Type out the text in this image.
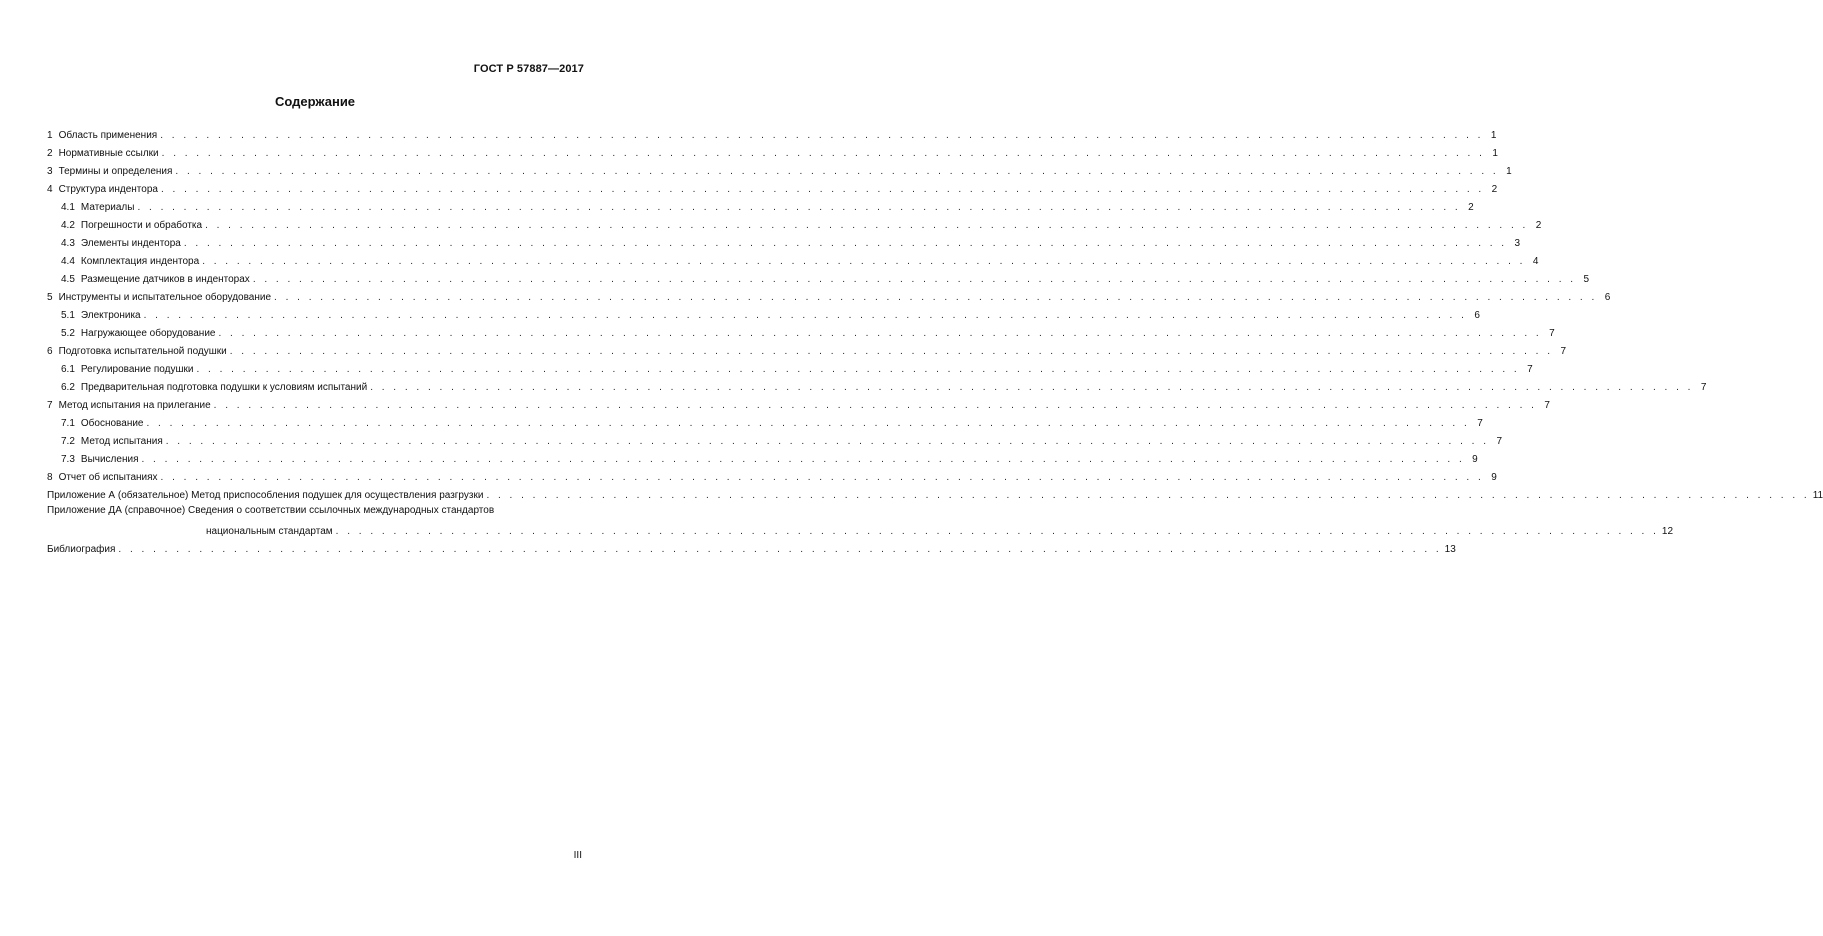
ГОСТ Р 57887—2017
Содержание
1 Область применения . . .	1
2 Нормативные ссылки . . .	1
3 Термины и определения . . .	1
4 Структура индентора . . .	2
4.1 Материалы . . .	2
4.2 Погрешности и обработка . . .	2
4.3 Элементы индентора . . .	3
4.4 Комплектация индентора . . .	4
4.5 Размещение датчиков в инденторах . . .	5
5 Инструменты и испытательное оборудование . . .	6
5.1 Электроника . . .	6
5.2 Нагружающее оборудование . . .	7
6 Подготовка испытательной подушки . . .	7
6.1 Регулирование подушки . . .	7
6.2 Предварительная подготовка подушки к условиям испытаний . . .	7
7 Метод испытания на прилегание . . .	7
7.1 Обоснование . . .	7
7.2 Метод испытания . . .	7
7.3 Вычисления . . .	9
8 Отчет об испытаниях . . .	9
Приложение А (обязательное) Метод приспособления подушек для осуществления разгрузки . . .	11
Приложение ДА (справочное) Сведения о соответствии ссылочных международных стандартов
национальным стандартам . . .	12
Библиография . . .	13
III
